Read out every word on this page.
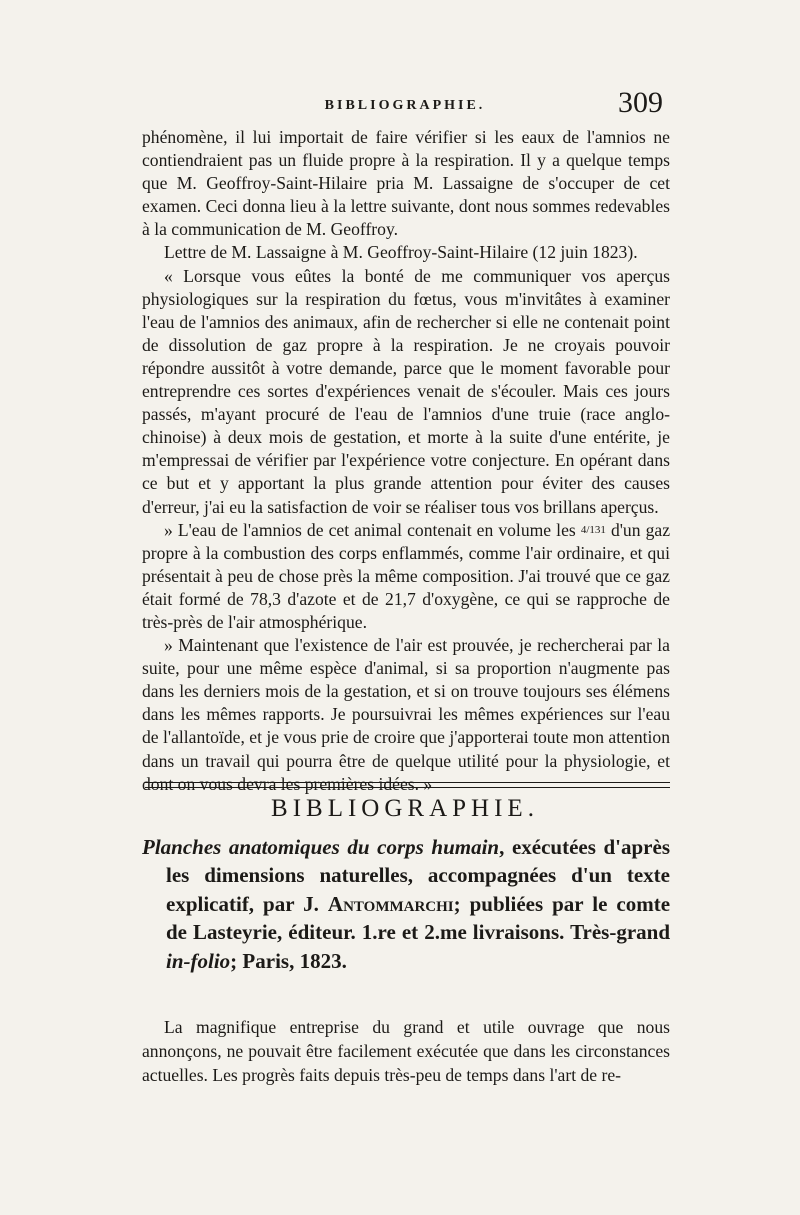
BIBLIOGRAPHIE.	309

phénomène, il lui importait de faire vérifier si les eaux de l'amnios ne contiendraient pas un fluide propre à la respiration. Il y a quelque temps que M. Geoffroy-Saint-Hilaire pria M. Lassaigne de s'occuper de cet examen. Ceci donna lieu à la lettre suivante, dont nous sommes redevables à la communication de M. Geoffroy.

Lettre de M. Lassaigne à M. Geoffroy-Saint-Hilaire (12 juin 1823).

« Lorsque vous eûtes la bonté de me communiquer vos aperçus physiologiques sur la respiration du fœtus, vous m'invitâtes à examiner l'eau de l'amnios des animaux, afin de rechercher si elle ne contenait point de dissolution de gaz propre à la respiration. Je ne croyais pouvoir répondre aussitôt à votre demande, parce que le moment favorable pour entreprendre ces sortes d'expériences venait de s'écouler. Mais ces jours passés, m'ayant procuré de l'eau de l'amnios d'une truie (race anglo-chinoise) à deux mois de gestation, et morte à la suite d'une entérite, je m'empressai de vérifier par l'expérience votre conjecture. En opérant dans ce but et y apportant la plus grande attention pour éviter des causes d'erreur, j'ai eu la satisfaction de voir se réaliser tous vos brillans aperçus.

» L'eau de l'amnios de cet animal contenait en volume les 4/131 d'un gaz propre à la combustion des corps enflammés, comme l'air ordinaire, et qui présentait à peu de chose près la même composition. J'ai trouvé que ce gaz était formé de 78,3 d'azote et de 21,7 d'oxygène, ce qui se rapproche de très-près de l'air atmosphérique.

» Maintenant que l'existence de l'air est prouvée, je rechercherai par la suite, pour une même espèce d'animal, si sa proportion n'augmente pas dans les derniers mois de la gestation, et si on trouve toujours ses élémens dans les mêmes rapports. Je poursuivrai les mêmes expériences sur l'eau de l'allantoïde, et je vous prie de croire que j'apporterai toute mon attention dans un travail qui pourra être de quelque utilité pour la physiologie, et dont on vous devra les premières idées. »

BIBLIOGRAPHIE.
Planches anatomiques du corps humain, exécutées d'après les dimensions naturelles, accompagnées d'un texte explicatif, par J. Antommarchi; publiées par le comte de Lasteyrie, éditeur. 1.re et 2.me livraisons. Très-grand in-folio; Paris, 1823.
La magnifique entreprise du grand et utile ouvrage que nous annonçons, ne pouvait être facilement exécutée que dans les circonstances actuelles. Les progrès faits depuis très-peu de temps dans l'art de re-
